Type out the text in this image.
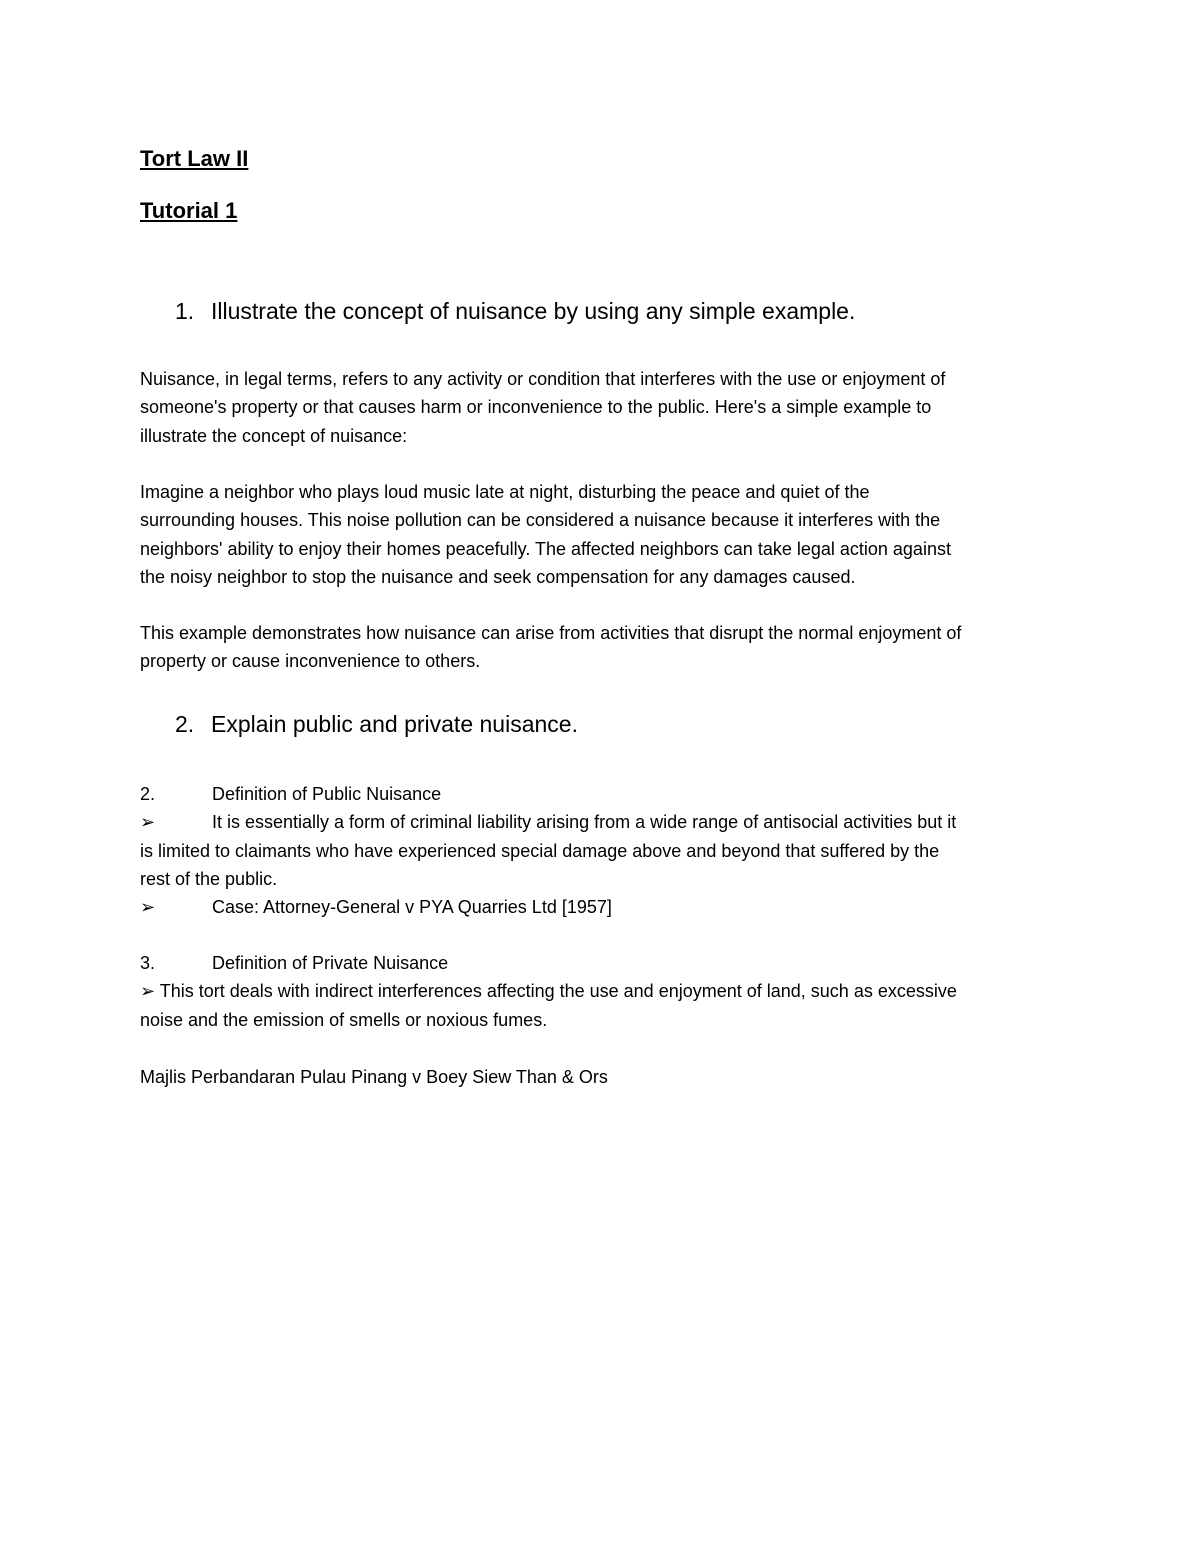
Tort Law II
Tutorial 1
1. Illustrate the concept of nuisance by using any simple example.
Nuisance, in legal terms, refers to any activity or condition that interferes with the use or enjoyment of
someone's property or that causes harm or inconvenience to the public. Here's a simple example to
illustrate the concept of nuisance:
Imagine a neighbor who plays loud music late at night, disturbing the peace and quiet of the
surrounding houses. This noise pollution can be considered a nuisance because it interferes with the
neighbors' ability to enjoy their homes peacefully. The affected neighbors can take legal action against
the noisy neighbor to stop the nuisance and seek compensation for any damages caused.
This example demonstrates how nuisance can arise from activities that disrupt the normal enjoyment of
property or cause inconvenience to others.
2. Explain public and private nuisance.
2.	Definition of Public Nuisance
➢	It is essentially a form of criminal liability arising from a wide range of antisocial activities but it
is limited to claimants who have experienced special damage above and beyond that suffered by the
rest of the public.
➢	Case: Attorney-General v PYA Quarries Ltd [1957]
3.	Definition of Private Nuisance
➢ This tort deals with indirect interferences affecting the use and enjoyment of land, such as excessive
noise and the emission of smells or noxious fumes.
Majlis Perbandaran Pulau Pinang v Boey Siew Than & Ors
